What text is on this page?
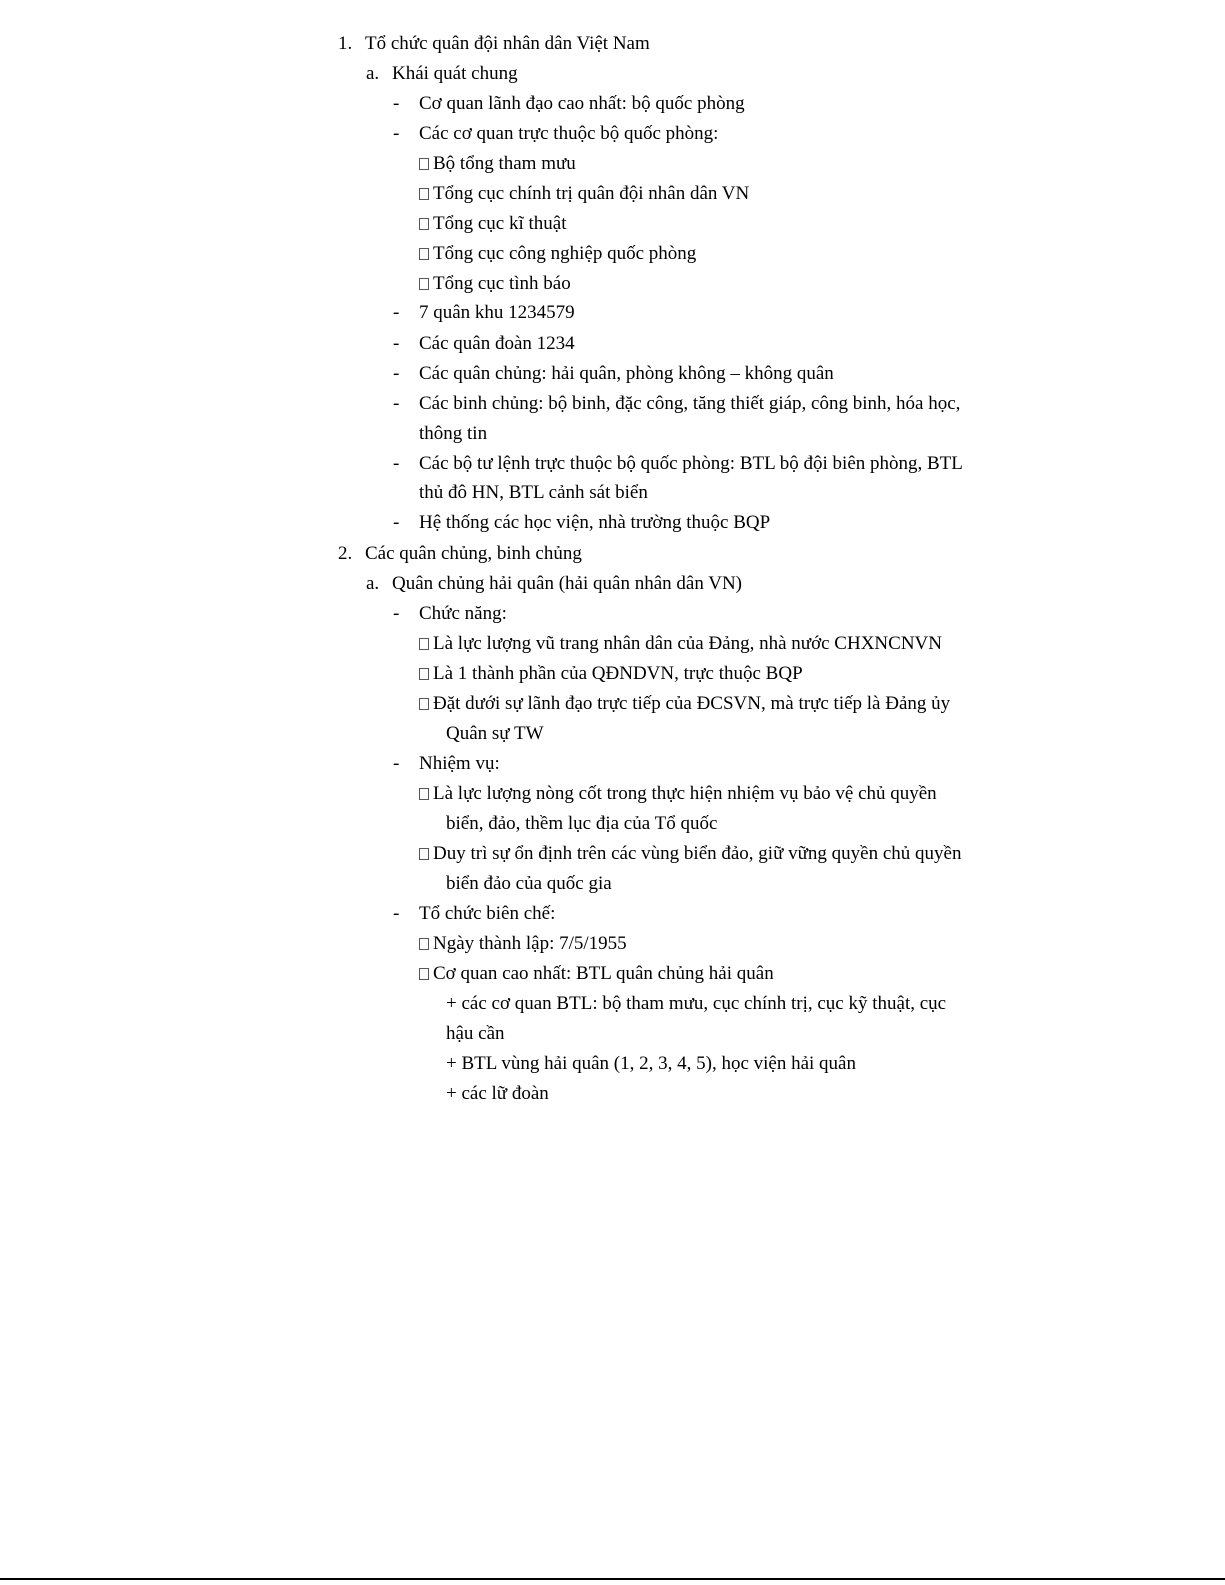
1. Tổ chức quân đội nhân dân Việt Nam
a. Khái quát chung
- Cơ quan lãnh đạo cao nhất: bộ quốc phòng
- Các cơ quan trực thuộc bộ quốc phòng:
Bộ tổng tham mưu
Tổng cục chính trị quân đội nhân dân VN
Tổng cục kĩ thuật
Tổng cục công nghiệp quốc phòng
Tổng cục tình báo
- 7 quân khu 1234579
- Các quân đoàn 1234
- Các quân chủng: hải quân, phòng không – không quân
- Các binh chủng: bộ binh, đặc công, tăng thiết giáp, công binh, hóa học,
thông tin
- Các bộ tư lệnh trực thuộc bộ quốc phòng: BTL bộ đội biên phòng, BTL
thủ đô HN, BTL cảnh sát biển
- Hệ thống các học viện, nhà trường thuộc BQP
2. Các quân chủng, binh chủng
a. Quân chủng hải quân (hải quân nhân dân VN)
- Chức năng:
Là lực lượng vũ trang nhân dân của Đảng, nhà nước CHXNCNVN
Là 1 thành phần của QĐNDVN, trực thuộc BQP
Đặt dưới sự lãnh đạo trực tiếp của ĐCSVN, mà trực tiếp là Đảng ủy
Quân sự TW
- Nhiệm vụ:
Là lực lượng nòng cốt trong thực hiện nhiệm vụ bảo vệ chủ quyền
biển, đảo, thềm lục địa của Tổ quốc
Duy trì sự ổn định trên các vùng biển đảo, giữ vững quyền chủ quyền
biển đảo của quốc gia
- Tổ chức biên chế:
Ngày thành lập: 7/5/1955
Cơ quan cao nhất: BTL quân chủng hải quân
+ các cơ quan BTL: bộ tham mưu, cục chính trị, cục kỹ thuật, cục
hậu cần
+ BTL vùng hải quân (1, 2, 3, 4, 5), học viện hải quân
+ các lữ đoàn
